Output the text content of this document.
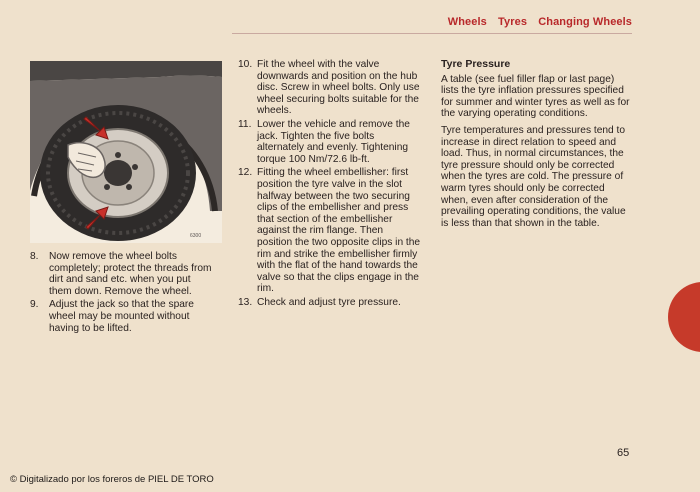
Wheels Tyres Changing Wheels
6300
8.	Now remove the wheel bolts completely; protect the threads from dirt and sand etc. when you put them down. Remove the wheel.
9.	Adjust the jack so that the spare wheel may be mounted without having to be lifted.
10. Fit the wheel with the valve downwards and position on the hub disc. Screw in wheel bolts. Only use wheel securing bolts suitable for the wheels.
11. Lower the vehicle and remove the jack. Tighten the five bolts alternately and evenly. Tightening torque 100 Nm/72.6 lb-ft.
12. Fitting the wheel embellisher: first position the tyre valve in the slot halfway between the two securing clips of the embellisher and press that section of the embellisher against the rim flange. Then position the two opposite clips in the rim and strike the embellisher firmly with the flat of the hand towards the valve so that the clips engage in the rim.
13. Check and adjust tyre pressure.
Tyre Pressure

A table (see fuel filler flap or last page) lists the tyre inflation pressures specified for summer and winter tyres as well as for the varying operating conditions.

Tyre temperatures and pressures tend to increase in direct relation to speed and load. Thus, in normal circumstances, the tyre pressure should only be corrected when the tyres are cold. The pressure of warm tyres should only be corrected when, even after consideration of the prevailing operating conditions, the value is less than that shown in the table.

65
© Digitalizado por los foreros de PIEL DE TORO
